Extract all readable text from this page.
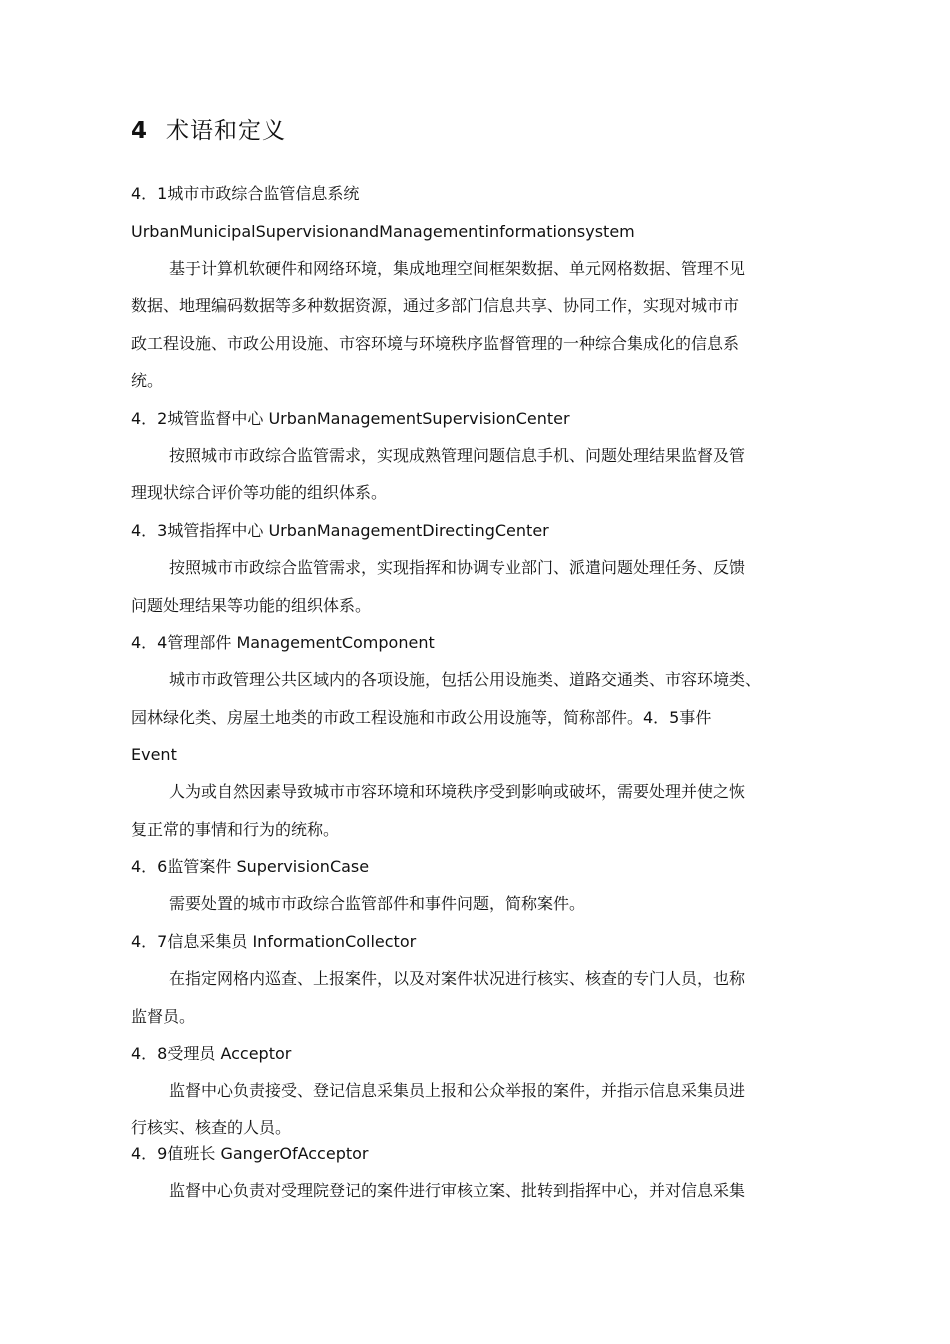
4 术语和定义
4．1城市市政综合监管信息系统
UrbanMunicipalSupervisionandManagementinformationsystem
基于计算机软硬件和网络环境，集成地理空间框架数据、单元网格数据、管理不见
数据、地理编码数据等多种数据资源，通过多部门信息共享、协同工作，实现对城市市
政工程设施、市政公用设施、市容环境与环境秩序监督管理的一种综合集成化的信息系
统。
4．2城管监督中心 UrbanManagementSupervisionCenter
按照城市市政综合监管需求，实现成熟管理问题信息手机、问题处理结果监督及管
理现状综合评价等功能的组织体系。
4．3城管指挥中心 UrbanManagementDirectingCenter
按照城市市政综合监管需求，实现指挥和协调专业部门、派遣问题处理任务、反馈
问题处理结果等功能的组织体系。
4．4管理部件 ManagementComponent
城市市政管理公共区域内的各项设施，包括公用设施类、道路交通类、市容环境类、
园林绿化类、房屋土地类的市政工程设施和市政公用设施等，简称部件。4．5事件
Event
人为或自然因素导致城市市容环境和环境秩序受到影响或破坏，需要处理并使之恢
复正常的事情和行为的统称。
4．6监管案件 SupervisionCase
需要处置的城市市政综合监管部件和事件问题，简称案件。
4．7信息采集员 InformationCollector
在指定网格内巡查、上报案件，以及对案件状况进行核实、核查的专门人员，也称
监督员。
4．8受理员 Acceptor
监督中心负责接受、登记信息采集员上报和公众举报的案件，并指示信息采集员进
行核实、核查的人员。
4．9值班长 GangerOfAcceptor
监督中心负责对受理院登记的案件进行审核立案、批转到指挥中心，并对信息采集
